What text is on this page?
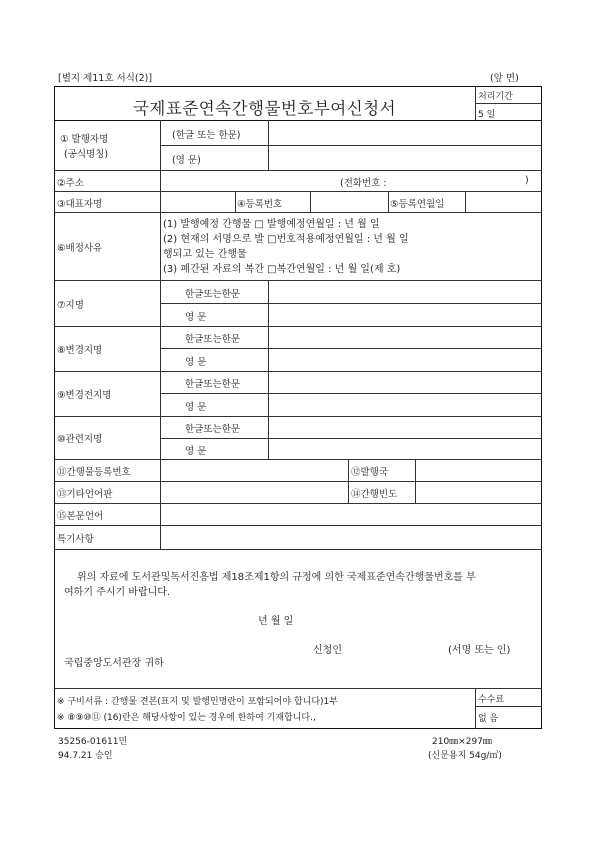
[별지 제11호 서식(2)]	(앞 면)
국제표준연속간행물번호부여신청서
처리기간
5 일
① 발행자명
(공식명칭)
(한글 또는 한문)
(영 문)
②주소	(전화번호 :	)
③대표자명	④등록번호	⑤등록연월일
⑥배정사유
(1) 발행예정 간행물 □ 발행예정연월일 : 년 월 일
(2) 현재의 서명으로 발 □번호적용예정연월일 : 년 월 일
행되고 있는 간행물
(3) 폐간된 자료의 복간 □복간연월일 : 년 월 일(제 호)
⑦지명
한글또는한문
영 문
⑧변경지명
한글또는한문
영 문
⑨변경전지명
한글또는한문
영 문
⑩관련지명
한글또는한문
영 문
⑪간행물등록번호	⑫발행국
⑬기타언어판	⑭간행빈도
⑮본문언어
특기사항
위의 자료에 도서관및독서진흥법 제18조제1항의 규정에 의한 국제표준연속간행물번호를 부
여하기 주시기 바랍니다.
년 월 일
신청인	(서명 또는 인)
국립중앙도서관장 귀하
※ 구비서류 : 간행물 견본(표지 및 발행인명란이 포함되어야 합니다)1부
※ ⑧⑨⑩⑪ (16)란은 해당사항이 있는 경우에 한하여 기재합니다.,
수수료
없 음
35256-01611민
94.7.21 승인
210㎜×297㎜
(신문용지 54g/㎡)
